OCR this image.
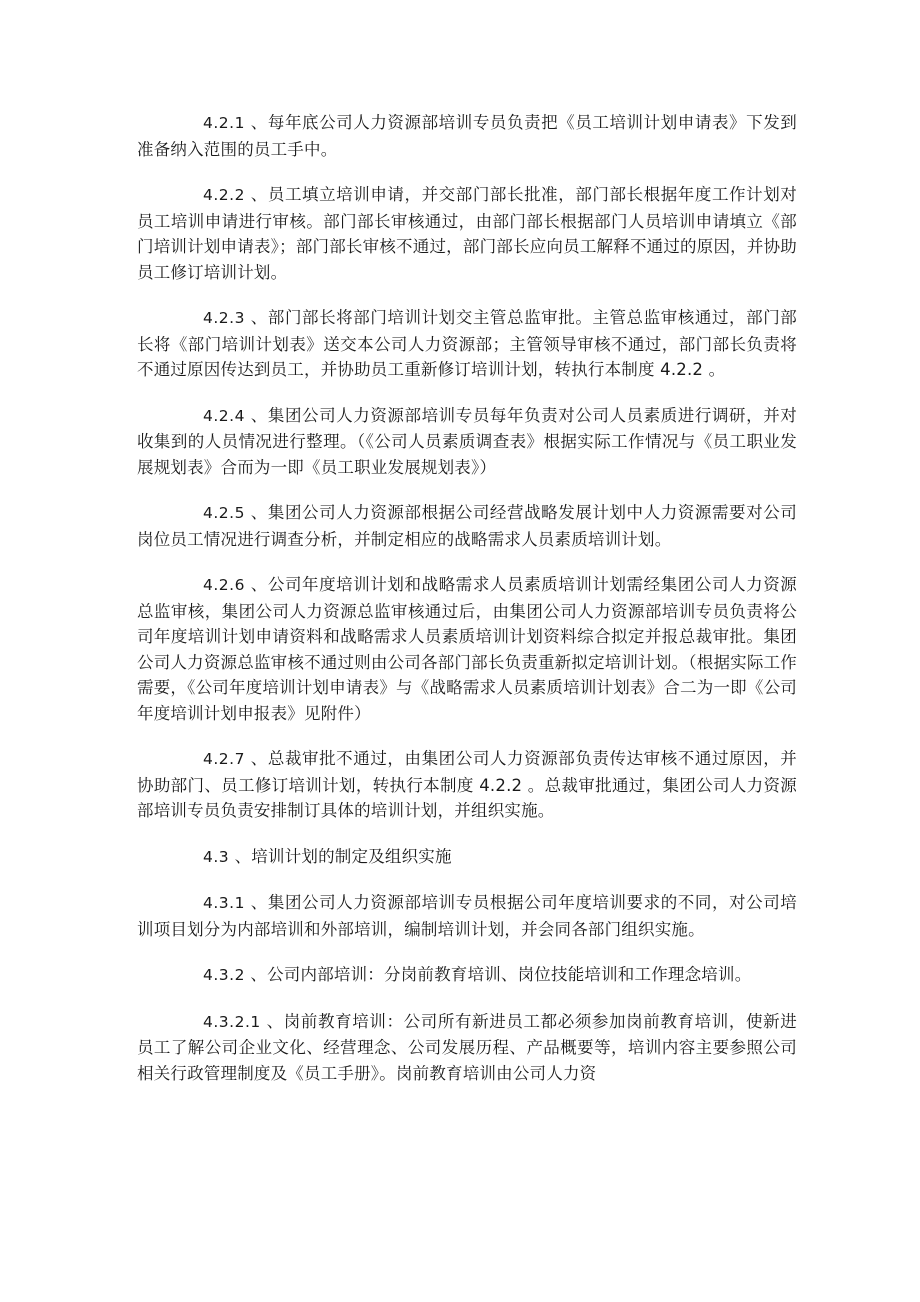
4.2.1 、每年底公司人力资源部培训专员负责把《员工培训计划申请表》下发到准备纳入范围的员工手中。

4.2.2 、员工填立培训申请，并交部门部长批准，部门部长根据年度工作计划对员工培训申请进行审核。部门部长审核通过，由部门部长根据部门人员培训申请填立《部门培训计划申请表》；部门部长审核不通过，部门部长应向员工解释不通过的原因，并协助员工修订培训计划。

4.2.3 、部门部长将部门培训计划交主管总监审批。主管总监审核通过，部门部长将《部门培训计划表》送交本公司人力资源部；主管领导审核不通过，部门部长负责将不通过原因传达到员工，并协助员工重新修订培训计划，转执行本制度 4.2.2 。

4.2.4 、集团公司人力资源部培训专员每年负责对公司人员素质进行调研，并对收集到的人员情况进行整理。（《公司人员素质调查表》根据实际工作情况与《员工职业发展规划表》合而为一即《员工职业发展规划表》）

4.2.5 、集团公司人力资源部根据公司经营战略发展计划中人力资源需要对公司岗位员工情况进行调查分析，并制定相应的战略需求人员素质培训计划。

4.2.6 、公司年度培训计划和战略需求人员素质培训计划需经集团公司人力资源总监审核，集团公司人力资源总监审核通过后，由集团公司人力资源部培训专员负责将公司年度培训计划申请资料和战略需求人员素质培训计划资料综合拟定并报总裁审批。集团公司人力资源总监审核不通过则由公司各部门部长负责重新拟定培训计划。（根据实际工作需要，《公司年度培训计划申请表》与《战略需求人员素质培训计划表》合二为一即《公司年度培训计划申报表》见附件）

4.2.7 、总裁审批不通过，由集团公司人力资源部负责传达审核不通过原因，并协助部门、员工修订培训计划，转执行本制度 4.2.2 。总裁审批通过，集团公司人力资源部培训专员负责安排制订具体的培训计划，并组织实施。

4.3 、培训计划的制定及组织实施

4.3.1 、集团公司人力资源部培训专员根据公司年度培训要求的不同，对公司培训项目划分为内部培训和外部培训，编制培训计划，并会同各部门组织实施。

4.3.2 、公司内部培训：分岗前教育培训、岗位技能培训和工作理念培训。

4.3.2.1 、岗前教育培训：公司所有新进员工都必须参加岗前教育培训，使新进员工了解公司企业文化、经营理念、公司发展历程、产品概要等，培训内容主要参照公司相关行政管理制度及《员工手册》。岗前教育培训由公司人力资
